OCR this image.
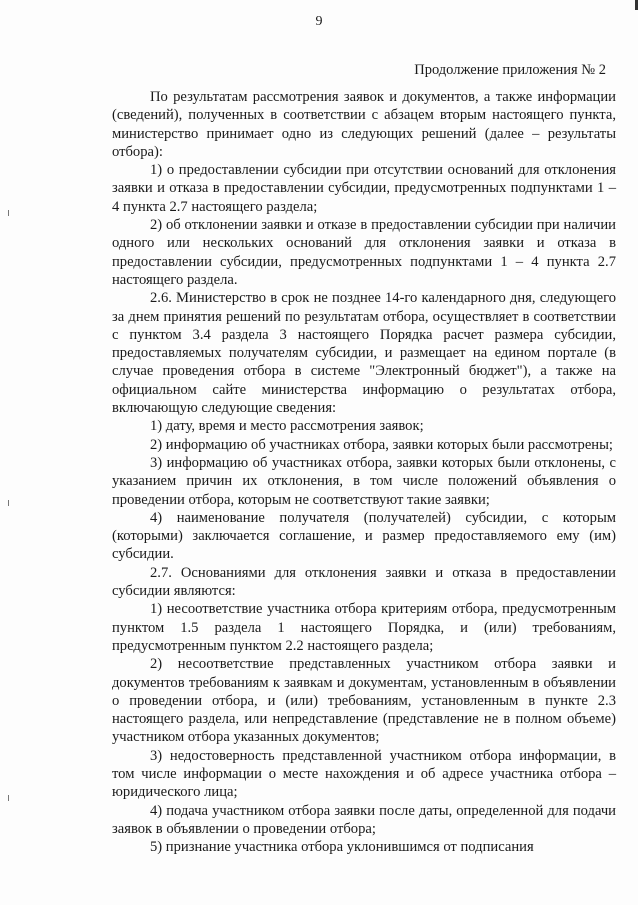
9
Продолжение приложения № 2

По результатам рассмотрения заявок и документов, а также информации (сведений), полученных в соответствии с абзацем вторым настоящего пункта, министерство принимает одно из следующих решений (далее – результаты отбора):

1) о предоставлении субсидии при отсутствии оснований для отклонения заявки и отказа в предоставлении субсидии, предусмотренных подпунктами 1 – 4 пункта 2.7 настоящего раздела;

2) об отклонении заявки и отказе в предоставлении субсидии при наличии одного или нескольких оснований для отклонения заявки и отказа в предоставлении субсидии, предусмотренных подпунктами 1 – 4 пункта 2.7 настоящего раздела.

2.6. Министерство в срок не позднее 14-го календарного дня, следующего за днем принятия решений по результатам отбора, осуществляет в соответствии с пунктом 3.4 раздела 3 настоящего Порядка расчет размера субсидии, предоставляемых получателям субсидии, и размещает на едином портале (в случае проведения отбора в системе "Электронный бюджет"), а также на официальном сайте министерства информацию о результатах отбора, включающую следующие сведения:

1) дату, время и место рассмотрения заявок;

2) информацию об участниках отбора, заявки которых были рассмотрены;

3) информацию об участниках отбора, заявки которых были отклонены, с указанием причин их отклонения, в том числе положений объявления о проведении отбора, которым не соответствуют такие заявки;

4) наименование получателя (получателей) субсидии, с которым (которыми) заключается соглашение, и размер предоставляемого ему (им) субсидии.

2.7. Основаниями для отклонения заявки и отказа в предоставлении субсидии являются:

1) несоответствие участника отбора критериям отбора, предусмотренным пунктом 1.5 раздела 1 настоящего Порядка, и (или) требованиям, предусмотренным пунктом 2.2 настоящего раздела;

2) несоответствие представленных участником отбора заявки и документов требованиям к заявкам и документам, установленным в объявлении о проведении отбора, и (или) требованиям, установленным в пункте 2.3 настоящего раздела, или непредставление (представление не в полном объеме) участником отбора указанных документов;

3) недостоверность представленной участником отбора информации, в том числе информации о месте нахождения и об адресе участника отбора – юридического лица;

4) подача участником отбора заявки после даты, определенной для подачи заявок в объявлении о проведении отбора;

5) признание участника отбора уклонившимся от подписания
